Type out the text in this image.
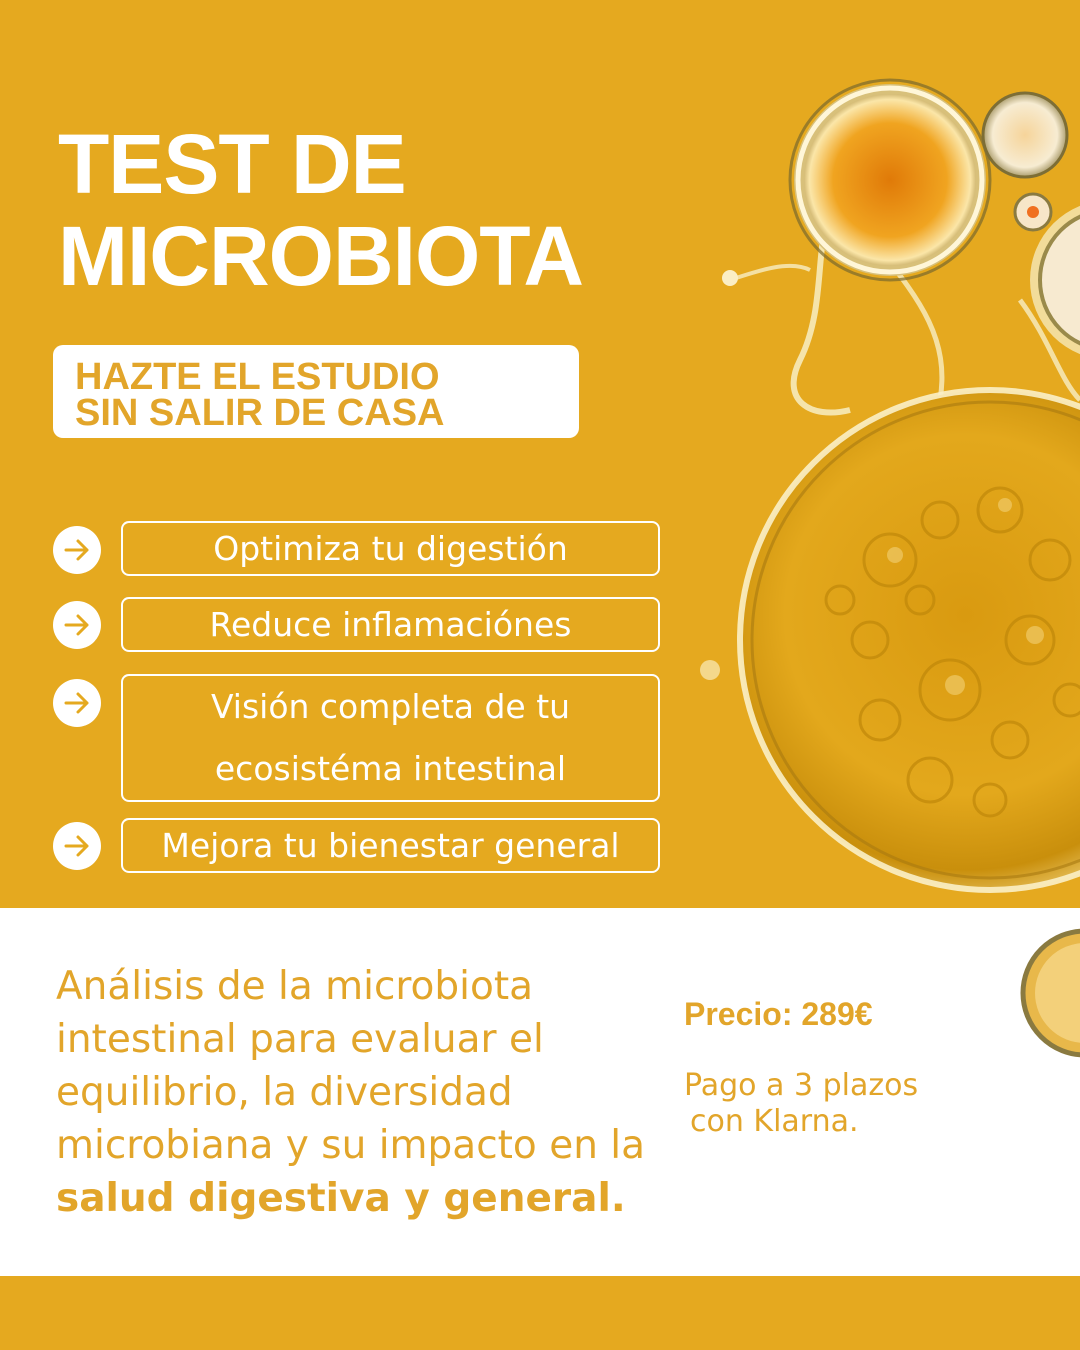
TEST DE
MICROBIOTA
HAZTE EL ESTUDIO
SIN SALIR DE CASA
Optimiza tu digestión
Reduce inflamaciónes
Visión completa de tu
ecosistéma intestinal
Mejora tu bienestar general

Análisis de la microbiota intestinal para evaluar el equilibrio, la diversidad microbiana y su impacto en la salud digestiva y general.

Precio: 289€
Pago a 3 plazos
con Klarna.
